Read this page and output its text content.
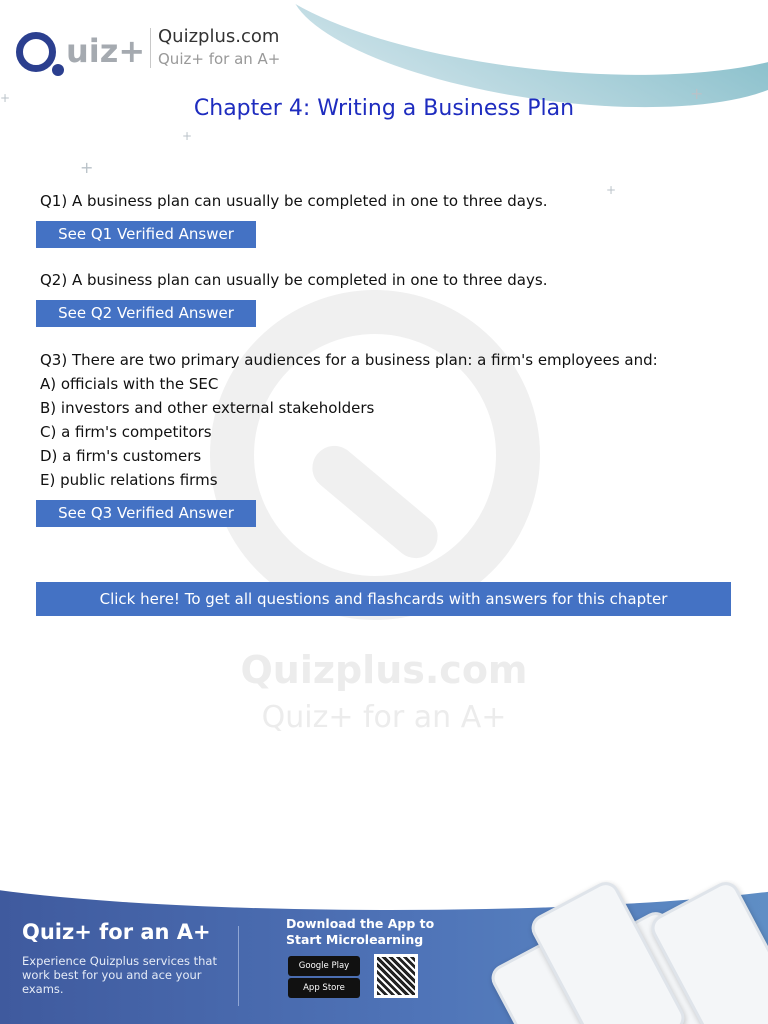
+
+
+
+
+
Quizplus.com
Quiz+ for an A+
uiz+ Quizplus.com
Quiz+ for an A+
Chapter 4: Writing a Business Plan
Q1) A business plan can usually be completed in one to three days.
See Q1 Verified Answer
Q2) A business plan can usually be completed in one to three days.
See Q2 Verified Answer
Q3) There are two primary audiences for a business plan: a firm's employees and:
A) officials with the SEC
B) investors and other external stakeholders
C) a firm's competitors
D) a firm's customers
E) public relations firms
See Q3 Verified Answer
Click here! To get all questions and flashcards with answers for this chapter
Quiz+ for an A+
Experience Quizplus services that work best for you and ace your exams.
Download the App to Start Microlearning
Google Play
App Store
